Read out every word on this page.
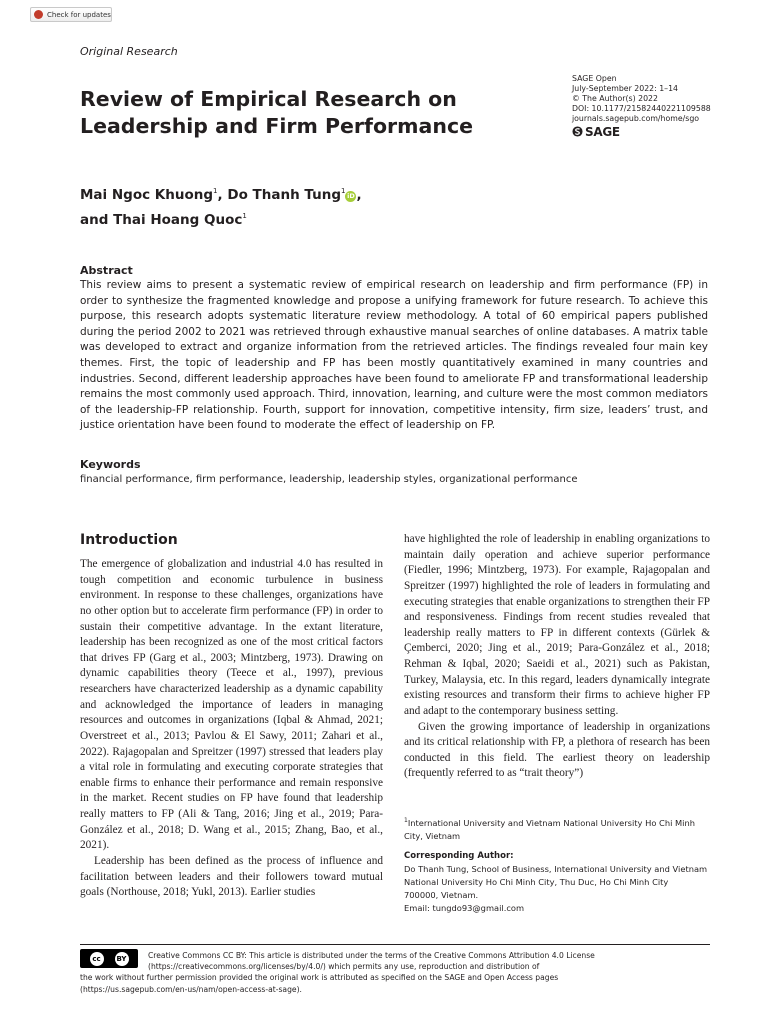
Check for updates
Original Research
Review of Empirical Research on
Leadership and Firm Performance
SAGE Open
July-September 2022: 1–14
© The Author(s) 2022
DOI: 10.1177/21582440221109588
journals.sagepub.com/home/sgo
SAGE
Mai Ngoc Khuong$^1$, Do Thanh Tung$^1$iD ,
and Thai Hoang Quoc$^1$
Abstract

This review aims to present a systematic review of empirical research on leadership and firm performance (FP) in order to synthesize the fragmented knowledge and propose a unifying framework for future research. To achieve this purpose, this research adopts systematic literature review methodology. A total of 60 empirical papers published during the period 2002 to 2021 was retrieved through exhaustive manual searches of online databases. A matrix table was developed to extract and organize information from the retrieved articles. The findings revealed four main key themes. First, the topic of leadership and FP has been mostly quantitatively examined in many countries and industries. Second, different leadership approaches have been found to ameliorate FP and transformational leadership remains the most commonly used approach. Third, innovation, learning, and culture were the most common mediators of the leadership-FP relationship. Fourth, support for innovation, competitive intensity, firm size, leaders’ trust, and justice orientation have been found to moderate the effect of leadership on FP.

Keywords
financial performance, firm performance, leadership, leadership styles, organizational performance
Introduction

The emergence of globalization and industrial 4.0 has resulted in tough competition and economic turbulence in business environment. In response to these challenges, organizations have no other option but to accelerate firm performance (FP) in order to sustain their competitive advantage. In the extant literature, leadership has been recognized as one of the most critical factors that drives FP (Garg et al., 2003; Mintzberg, 1973). Drawing on dynamic capabilities theory (Teece et al., 1997), previous researchers have characterized leadership as a dynamic capability and acknowledged the importance of leaders in managing resources and outcomes in organizations (Iqbal & Ahmad, 2021; Overstreet et al., 2013; Pavlou & El Sawy, 2011; Zahari et al., 2022). Rajagopalan and Spreitzer (1997) stressed that leaders play a vital role in formulating and executing corporate strategies that enable firms to enhance their performance and remain responsive in the market. Recent studies on FP have found that leadership really matters to FP (Ali & Tang, 2016; Jing et al., 2019; Para-González et al., 2018; D. Wang et al., 2015; Zhang, Bao, et al., 2021).

Leadership has been defined as the process of influence and facilitation between leaders and their followers toward mutual goals (Northouse, 2018; Yukl, 2013). Earlier studies

have highlighted the role of leadership in enabling organizations to maintain daily operation and achieve superior performance (Fiedler, 1996; Mintzberg, 1973). For example, Rajagopalan and Spreitzer (1997) highlighted the role of leaders in formulating and executing strategies that enable organizations to strengthen their FP and responsiveness. Findings from recent studies revealed that leadership really matters to FP in different contexts (Gürlek & Çemberci, 2020; Jing et al., 2019; Para-González et al., 2018; Rehman & Iqbal, 2020; Saeidi et al., 2021) such as Pakistan, Turkey, Malaysia, etc. In this regard, leaders dynamically integrate existing resources and transform their firms to achieve higher FP and adapt to the contemporary business setting.

Given the growing importance of leadership in organizations and its critical relationship with FP, a plethora of research has been conducted in this field. The earliest theory on leadership (frequently referred to as “trait theory”)

$^1$International University and Vietnam National University Ho Chi Minh City, Vietnam
Corresponding Author:
Do Thanh Tung, School of Business, International University and Vietnam
National University Ho Chi Minh City, Thu Duc, Ho Chi Minh City
700000, Vietnam.
Email: tungdo93@gmail.com
cc	BY	Creative Commons CC BY: This article is distributed under the terms of the Creative Commons Attribution 4.0 License
(https://creativecommons.org/licenses/by/4.0/) which permits any use, reproduction and distribution of
the work without further permission provided the original work is attributed as specified on the SAGE and Open Access pages
(https://us.sagepub.com/en-us/nam/open-access-at-sage).
